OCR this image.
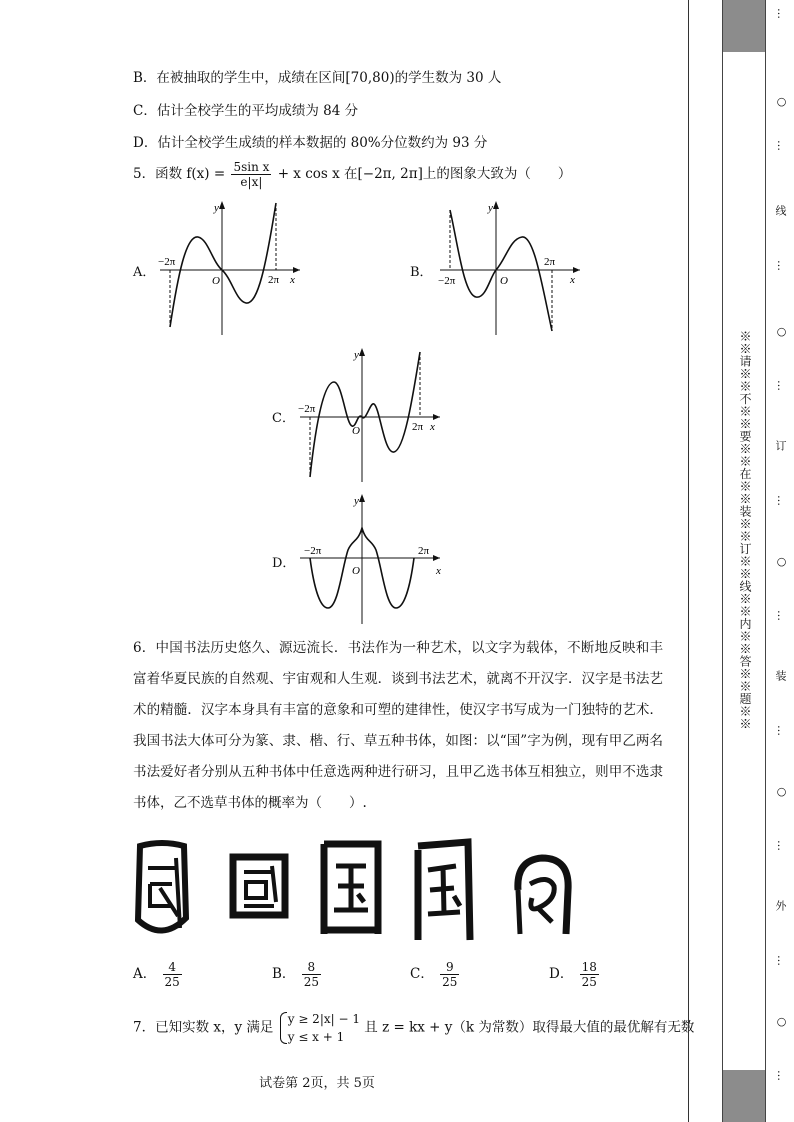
B．在被抽取的学生中，成绩在区间[70,80)的学生数为 30 人
C．估计全校学生的平均成绩为 84 分
D．估计全校学生成绩的样本数据的 80%分位数约为 93 分
5．函数 $f(x) = \frac{\text{5sin x}}{e|x|} + x$ cos x 在[−2π, 2π]上的图象大致为（　　）
A．	B．
C．
D．
y
x
O
−2π
2π
y
x
O
−2π
2π
y
x
O
−2π
2π
y
x
O
−2π	2π
6．中国书法历史悠久、源远流长．书法作为一种艺术，以文字为载体，不断地反映和丰富着华夏民族的自然观、宇宙观和人生观．谈到书法艺术，就离不开汉字．汉字是书法艺术的精髓．汉字本身具有丰富的意象和可塑的建律性，使汉字书写成为一门独特的艺术．我国书法大体可分为篆、隶、楷、行、草五种书体，如图：以“国”字为例，现有甲乙两名书法爱好者分别从五种书体中任意选两种进行研习，且甲乙选书体互相独立，则甲不选隶书体，乙不选草书体的概率为（　　）.
A． $\frac{4}{25}$	B． $\frac{8}{25}$	C． $\frac{9}{25}$	D． $\frac{18}{25}$
7．已知实数 x，y 满足
y ≥ 2|x| − 1
y ≤ x + 1
且 z = kx + y（k 为常数）取得最大值的最优解有无数
试卷第 2页，共 5页
※※请※※不※※要※※在※※装※※订※※线※※内※※答※※题※※
…
○
…
线
…
○
…
订
…
○
…
装
…
○
…
外
…
○
…
